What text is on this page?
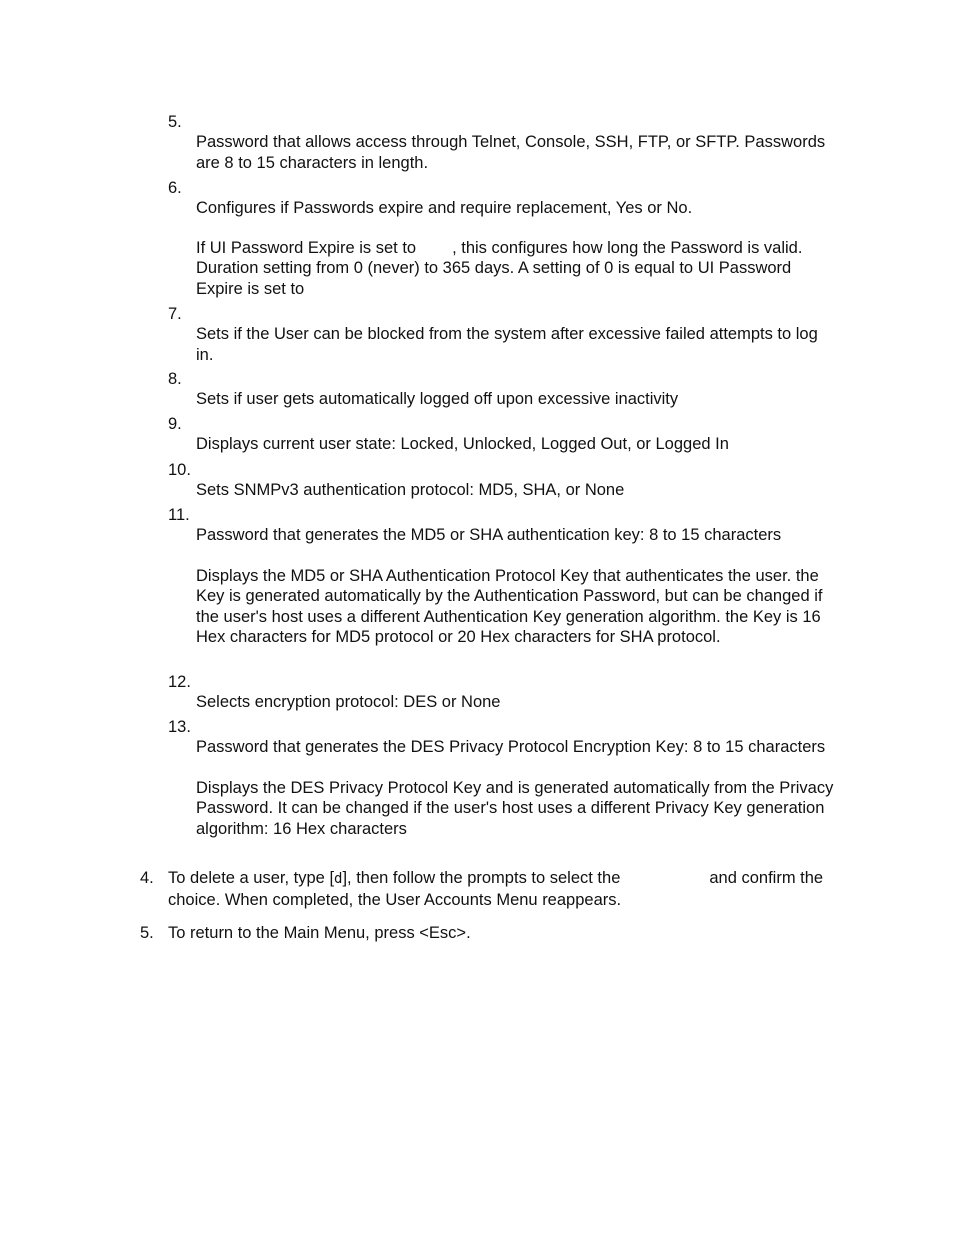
5.
Password that allows access through Telnet, Console, SSH, FTP, or SFTP. Passwords are 8 to 15 characters in length.
6.
Configures if Passwords expire and require replacement, Yes or No.
If UI Password Expire is set to , this configures how long the Password is valid. Duration setting from 0 (never) to 365 days. A setting of 0 is equal to UI Password Expire is set to
7.
Sets if the User can be blocked from the system after excessive failed attempts to log in.
8.
Sets if user gets automatically logged off upon excessive inactivity
9.
Displays current user state: Locked, Unlocked, Logged Out, or Logged In
10.
Sets SNMPv3 authentication protocol: MD5, SHA, or None
11.
Password that generates the MD5 or SHA authentication key: 8 to 15 characters
Displays the MD5 or SHA Authentication Protocol Key that authenticates the user. the Key is generated automatically by the Authentication Password, but can be changed if the user's host uses a different Authentication Key generation algorithm. the Key is 16 Hex characters for MD5 protocol or 20 Hex characters for SHA protocol.
12.
Selects encryption protocol: DES or None
13.
Password that generates the DES Privacy Protocol Encryption Key: 8 to 15 characters
Displays the DES Privacy Protocol Key and is generated automatically from the Privacy Password. It can be changed if the user's host uses a different Privacy Key generation algorithm: 16 Hex characters
4. To delete a user, type [d], then follow the prompts to select the	and confirm the choice. When completed, the User Accounts Menu reappears.
5. To return to the Main Menu, press <Esc>.
